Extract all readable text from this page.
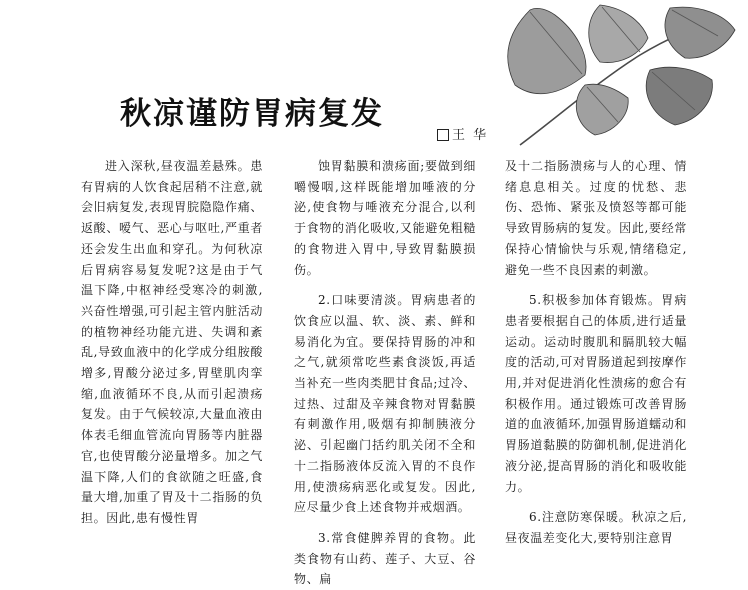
秋凉谨防胃病复发
王 华

进入深秋,昼夜温差悬殊。患有胃病的人饮食起居稍不注意,就会旧病复发,表现胃脘隐隐作痛、返酸、嗳气、恶心与呕吐,严重者还会发生出血和穿孔。为何秋凉后胃病容易复发呢?这是由于气温下降,中枢神经受寒冷的刺激,兴奋性增强,可引起主管内脏活动的植物神经功能亢进、失调和紊乱,导致血液中的化学成分组胺酸增多,胃酸分泌过多,胃壁肌肉挛缩,血液循环不良,从而引起溃疡复发。由于气候较凉,大量血液由体表毛细血管流向胃肠等内脏器官,也使胃酸分泌量增多。加之气温下降,人们的食欲随之旺盛,食量大增,加重了胃及十二指肠的负担。因此,患有慢性胃

蚀胃黏膜和溃疡面;要做到细嚼慢咽,这样既能增加唾液的分泌,使食物与唾液充分混合,以利于食物的消化吸收,又能避免粗糙的食物进入胃中,导致胃黏膜损伤。

2.口味要清淡。胃病患者的饮食应以温、软、淡、素、鲜和易消化为宜。要保持胃肠的冲和之气,就须常吃些素食淡饭,再适当补充一些肉类肥甘食品;过冷、过热、过甜及辛辣食物对胃黏膜有刺激作用,吸烟有抑制胰液分泌、引起幽门括约肌关闭不全和十二指肠液体反流入胃的不良作用,使溃疡病恶化或复发。因此,应尽量少食上述食物并戒烟酒。

3.常食健脾养胃的食物。此类食物有山药、莲子、大豆、谷物、扁

及十二指肠溃疡与人的心理、情绪息息相关。过度的忧愁、悲伤、恐怖、紧张及愤怒等都可能导致胃肠病的复发。因此,要经常保持心情愉快与乐观,情绪稳定,避免一些不良因素的刺激。

5.积极参加体育锻炼。胃病患者要根据自己的体质,进行适量运动。运动时腹肌和膈肌较大幅度的活动,可对胃肠道起到按摩作用,并对促进消化性溃疡的愈合有积极作用。通过锻炼可改善胃肠道的血液循环,加强胃肠道蠕动和胃肠道黏膜的防御机制,促进消化液分泌,提高胃肠的消化和吸收能力。

6.注意防寒保暖。秋凉之后,昼夜温差变化大,要特别注意胃
